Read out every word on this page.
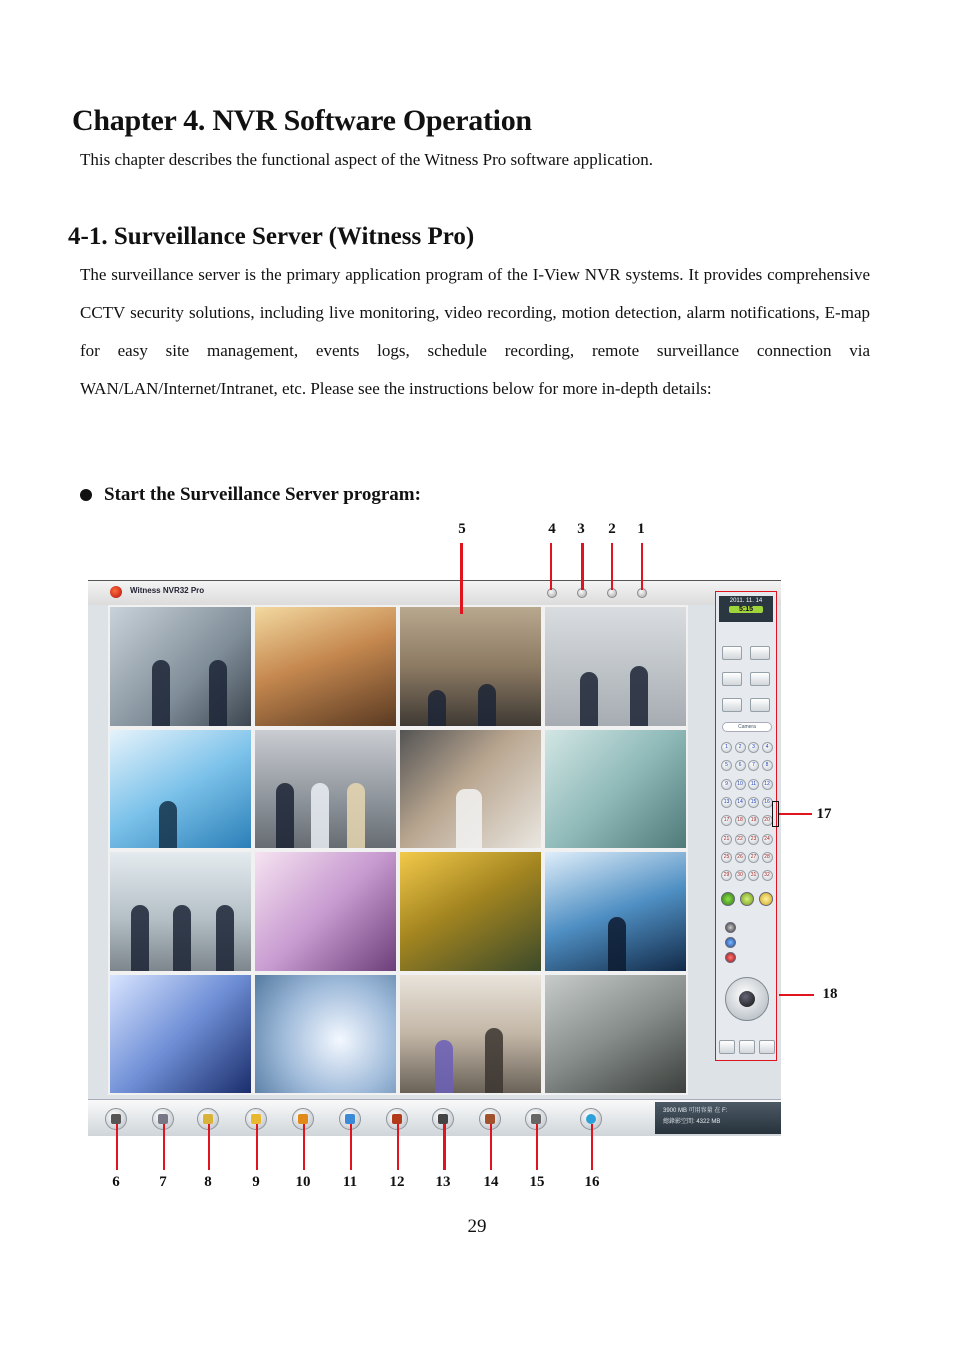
Chapter 4. NVR Software Operation
This chapter describes the functional aspect of the Witness Pro software application.
4-1. Surveillance Server (Witness Pro)
The surveillance server is the primary application program of the I-View NVR systems. It provides comprehensive CCTV security solutions, including live monitoring, video recording, motion detection, alarm notifications, E-map for easy site management, events logs, schedule recording, remote surveillance connection via WAN/LAN/Internet/Intranet, etc. Please see the instructions below for more in-depth details:
Start the Surveillance Server program:
5	4 3 2 1
Witness NVR32 Pro
2011. 11. 14
5:15
Camera
1	2	3	4
5	6	7	8
9	10	11	12
13	14	15	16
17	18	19	20
21	22	23	24
25	26	27	28
29	30	31	32
3900 MB 可用容量 在 F:
總錄影空間: 4322 MB
17
18
6	7	8	9 10 11 12 13 14 15	16
29
